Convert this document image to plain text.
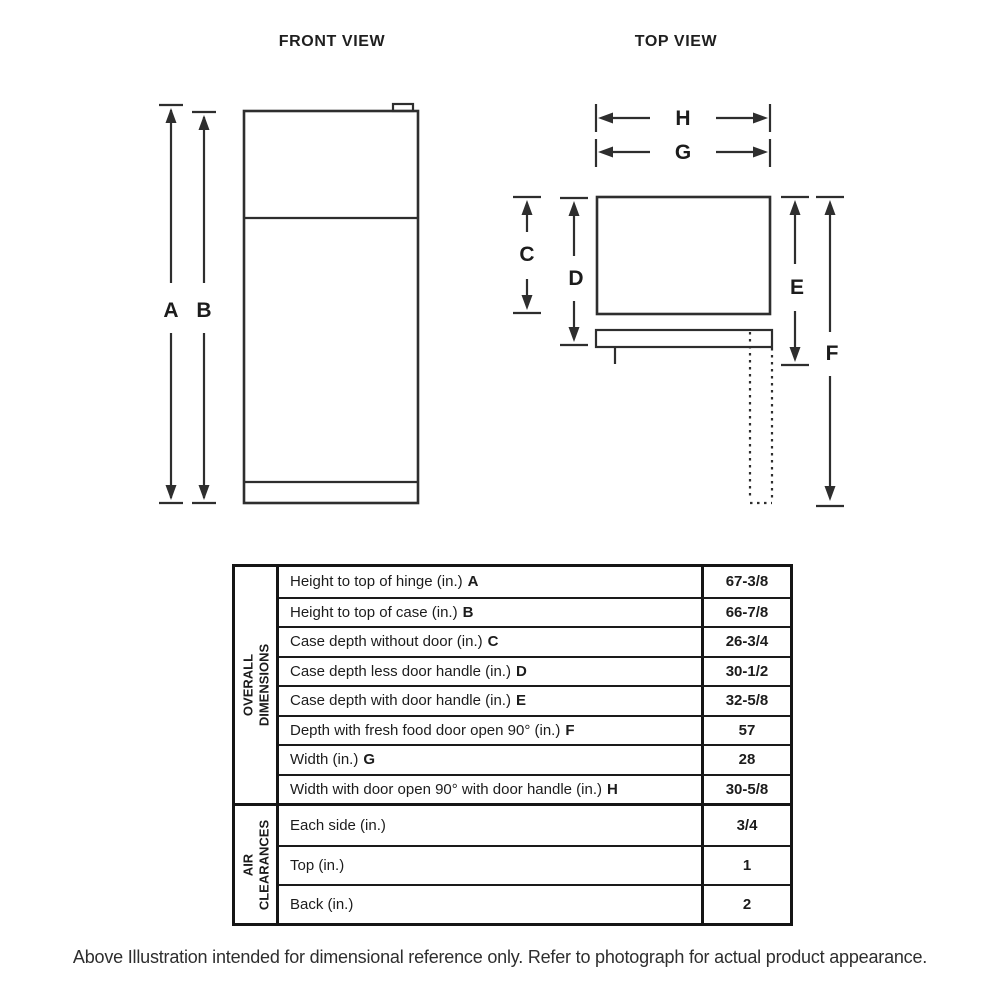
FRONT VIEW	TOP VIEW
A B
C
D	E
F
H
G
OVERALL DIMENSIONS
Height to top of hinge (in.) A	67-3/8
Height to top of case (in.) B	66-7/8
Case depth without door (in.) C	26-3/4
Case depth less door handle (in.) D	30-1/2
Case depth with door handle (in.) E	32-5/8
Depth with fresh food door open 90° (in.) F	57
Width (in.) G	28
Width with door open 90° with door handle (in.) H	30-5/8
AIR CLEARANCES Each side (in.)	3/4
Top (in.)	1
Back (in.)	2
Above Illustration intended for dimensional reference only. Refer to photograph for actual product appearance.
